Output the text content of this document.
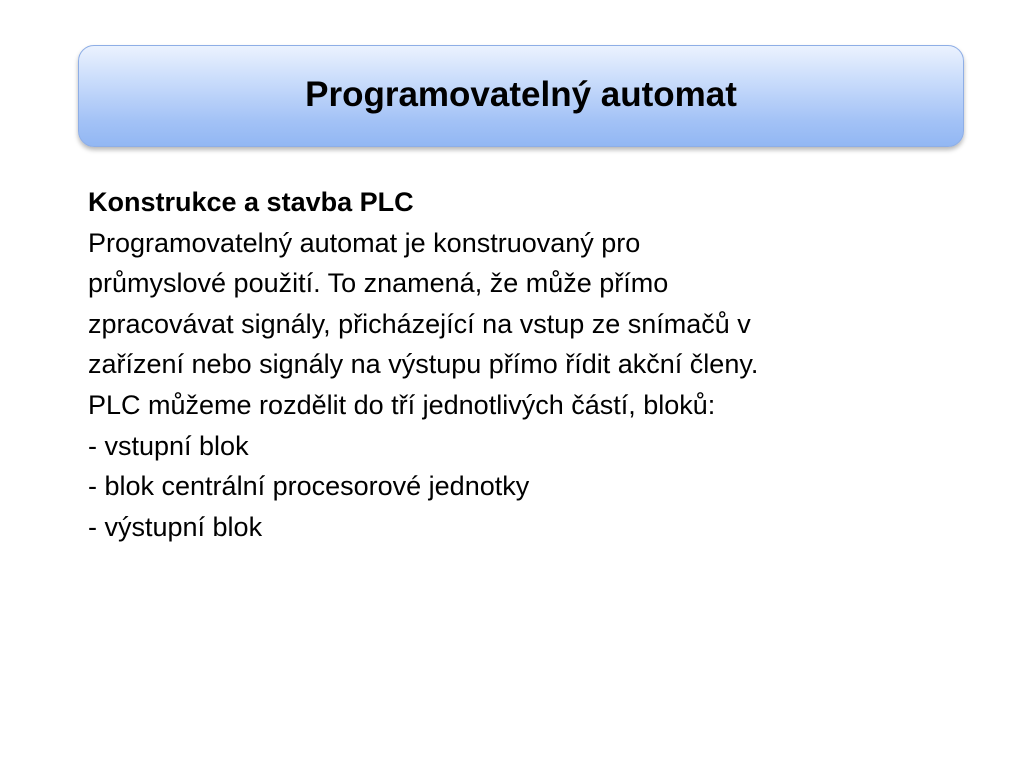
Programovatelný automat
Konstrukce a stavba PLC
Programovatelný automat je konstruovaný pro
průmyslové použití. To znamená, že může přímo
zpracovávat signály, přicházející na vstup ze snímačů v
zařízení nebo signály na výstupu přímo řídit akční členy.
PLC můžeme rozdělit do tří jednotlivých částí, bloků:
- vstupní blok
- blok centrální procesorové jednotky
- výstupní blok
